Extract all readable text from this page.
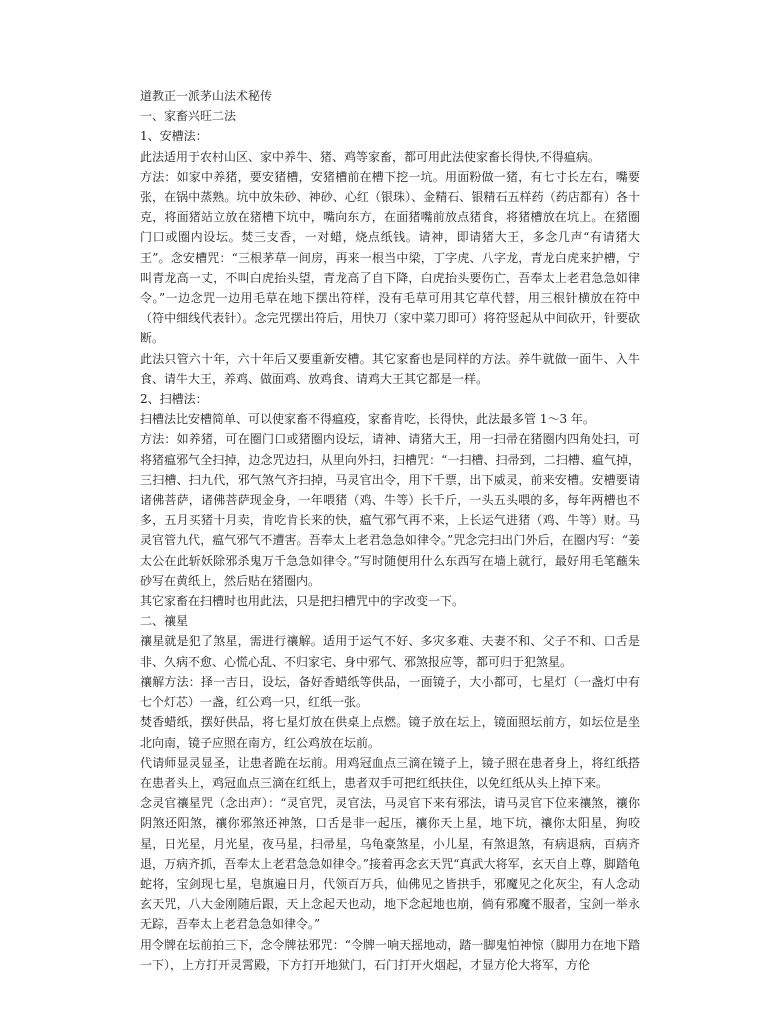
道教正一派茅山法术秘传

一、家畜兴旺二法

1、安槽法：

此法适用于农村山区、家中养牛、猪、鸡等家畜，都可用此法使家畜长得快,不得瘟病。

方法：如家中养猪，要安猪槽，安猪槽前在槽下挖一坑。用面粉做一猪，有七寸长左右，嘴要张，在锅中蒸熟。坑中放朱砂、神砂、心红（银珠）、金精石、银精石五样药（药店都有）各十克，将面猪站立放在猪槽下坑中，嘴向东方，在面猪嘴前放点猪食，将猪槽放在坑上。在猪圈门口或圈内设坛。焚三支香，一对蜡，烧点纸钱。请神，即请猪大王，多念几声“有请猪大王”。念安槽咒：“三根茅草一间房，再来一根当中梁，丁字虎、八字龙，青龙白虎来护槽，宁叫青龙高一丈，不叫白虎抬头望，青龙高了自下降，白虎抬头要伤亡，吾奉太上老君急急如律令。”一边念咒一边用毛草在地下摆出符样，没有毛草可用其它草代替，用三根针横放在符中（符中细线代表针）。念完咒摆出符后，用快刀（家中菜刀即可）将符竖起从中间砍开，针要砍断。

此法只管六十年，六十年后又要重新安槽。其它家畜也是同样的方法。养牛就做一面牛、入牛食、请牛大王，养鸡、做面鸡、放鸡食、请鸡大王其它都是一样。

2、扫槽法：

扫槽法比安槽简单、可以使家畜不得瘟疫，家畜肯吃，长得快，此法最多管 1～3 年。

方法：如养猪，可在圈门口或猪圈内设坛，请神、请猪大王，用一扫帚在猪圈内四角处扫，可将猪瘟邪气全扫掉，边念咒边扫，从里向外扫，扫槽咒：“一扫槽、扫帚到，二扫槽、瘟气掉，三扫槽、扫九代，邪气煞气齐扫掉，马灵官出令，用下千票，出下威灵，前来安槽。安槽要请诸佛菩萨，诸佛菩萨现金身，一年喂猪（鸡、牛等）长千斤，一头五头喂的多，每年两槽也不多，五月买猪十月卖，肯吃肯长来的快，瘟气邪气再不来，上长运气进猪（鸡、牛等）财。马灵官管九代，瘟气邪气不遭害。吾奉太上老君急急如律令。”咒念完扫出门外后，在圈内写：“姜太公在此斩妖除邪杀鬼万千急急如律令。”写时随便用什么东西写在墙上就行，最好用毛笔蘸朱砂写在黄纸上，然后贴在猪圈内。

其它家畜在扫槽时也用此法，只是把扫槽咒中的字改变一下。

二、禳星

禳星就是犯了煞星，需进行禳解。适用于运气不好、多灾多难、夫妻不和、父子不和、口舌是非、久病不愈、心慌心乱、不归家宅、身中邪气、邪煞报应等，都可归于犯煞星。

禳解方法：择一吉日，设坛，备好香蜡纸等供品，一面镜子，大小都可，七星灯（一盏灯中有七个灯芯）一盏，红公鸡一只，红纸一张。

焚香蜡纸，摆好供品，将七星灯放在供桌上点燃。镜子放在坛上，镜面照坛前方，如坛位是坐北向南，镜子应照在南方，红公鸡放在坛前。

代请师显灵显圣，让患者跪在坛前。用鸡冠血点三滴在镜子上，镜子照在患者身上，将红纸搭在患者头上，鸡冠血点三滴在红纸上，患者双手可把红纸扶住，以免红纸从头上掉下来。

念灵官禳星咒（念出声）：“灵官咒，灵官法，马灵官下来有邪法，请马灵官下位来禳煞，禳你阴煞还阳煞，禳你邪煞还神煞，口舌是非一起压，禳你天上星，地下坑，禳你太阳星，狗咬星，日光星，月光星，夜马星，扫帚星，乌龟豪煞星，小儿星，有煞退煞，有病退病，百病齐退，万病齐抓，吾奉太上老君急急如律令。”接着再念玄天咒“真武大将军，玄天自上尊，脚踏龟蛇将，宝剑现七星，皂旗遍日月，代领百万兵，仙佛见之皆拱手，邪魔见之化灰尘，有人念动玄天咒，八大金刚随后跟，天上念起天也动，地下念起地也崩，倘有邪魔不服者，宝剑一举永无踪，吾奉太上老君急急如律令。”

用令牌在坛前拍三下，念令牌祛邪咒：“令牌一响天摇地动，踏一脚鬼怕神惊（脚用力在地下踏一下），上方打开灵霄殿，下方打开地狱门，石门打开火烟起，才显方伦大将军，方伦
